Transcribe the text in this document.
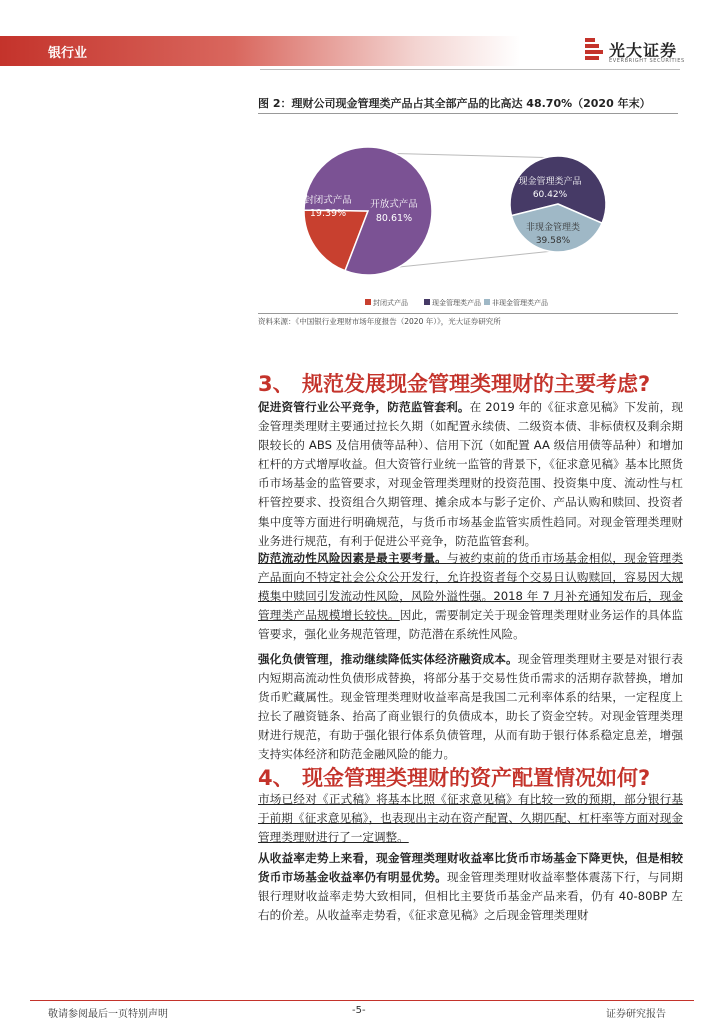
银行业	光大证券
EVERBRIGHT SECURITIES
图 2：理财公司现金管理类产品占其全部产品的比高达 48.70%（2020 年末）
封闭式产品
19.39%
开放式产品
80.61%
现金管理类产品
60.42%
非现金管理类
39.58%
封闭式产品	现金管理类产品 非现金管理类产品
资料来源：《中国银行业理财市场年度报告（2020 年）》，光大证券研究所
3、 规范发展现金管理类理财的主要考虑?
促进资管行业公平竞争，防范监管套利。在 2019 年的《征求意见稿》下发前，现金管理类理财主要通过拉长久期（如配置永续债、二级资本债、非标债权及剩余期限较长的 ABS 及信用债等品种）、信用下沉（如配置 AA 级信用债等品种）和增加杠杆的方式增厚收益。但大资管行业统一监管的背景下，《征求意见稿》基本比照货币市场基金的监管要求，对现金管理类理财的投资范围、投资集中度、流动性与杠杆管控要求、投资组合久期管理、摊余成本与影子定价、产品认购和赎回、投资者集中度等方面进行明确规范，与货币市场基金监管实质性趋同。对现金管理类理财业务进行规范，有利于促进公平竞争，防范监管套利。
防范流动性风险因素是最主要考量。与被约束前的货币市场基金相似，现金管理类产品面向不特定社会公众公开发行，允许投资者每个交易日认购赎回，容易因大规模集中赎回引发流动性风险，风险外溢性强。2018 年 7 月补充通知发布后，现金管理类产品规模增长较快。因此，需要制定关于现金管理类理财业务运作的具体监管要求，强化业务规范管理，防范潜在系统性风险。
强化负债管理，推动继续降低实体经济融资成本。现金管理类理财主要是对银行表内短期高流动性负债形成替换，将部分基于交易性货币需求的活期存款替换，增加货币贮藏属性。现金管理类理财收益率高是我国二元利率体系的结果，一定程度上拉长了融资链条、抬高了商业银行的负债成本，助长了资金空转。对现金管理类理财进行规范，有助于强化银行体系负债管理，从而有助于银行体系稳定息差，增强支持实体经济和防范金融风险的能力。
4、 现金管理类理财的资产配置情况如何?
市场已经对《正式稿》将基本比照《征求意见稿》有比较一致的预期，部分银行基于前期《征求意见稿》，也表现出主动在资产配置、久期匹配、杠杆率等方面对现金管理类理财进行了一定调整。
从收益率走势上来看，现金管理类理财收益率比货币市场基金下降更快，但是相较货币市场基金收益率仍有明显优势。现金管理类理财收益率整体震荡下行，与同期银行理财收益率走势大致相同，但相比主要货币基金产品来看，仍有 40-80BP 左右的价差。从收益率走势看，《征求意见稿》之后现金管理类理财
敬请参阅最后一页特别声明	-5-	证券研究报告
